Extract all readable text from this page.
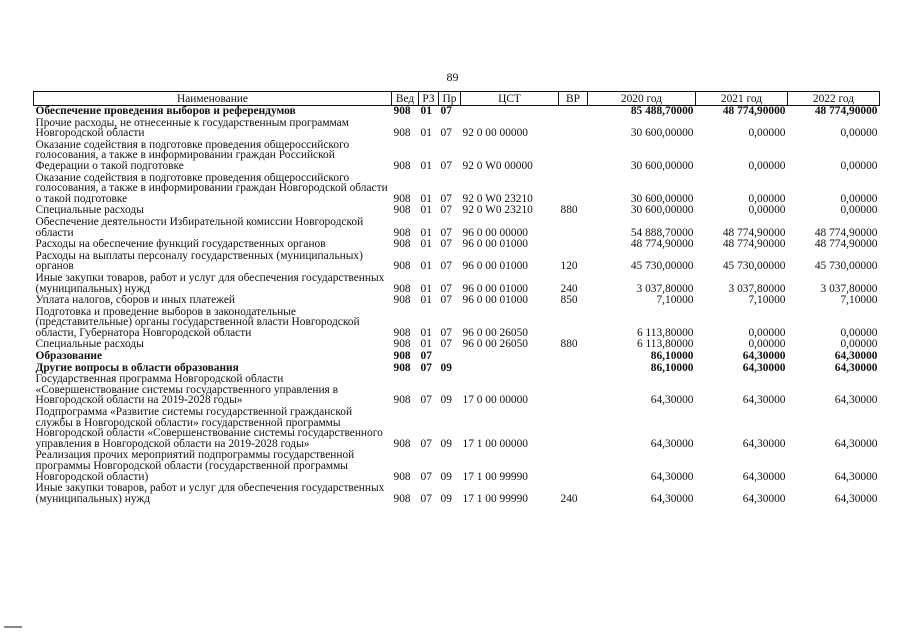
89
Наименование	Вед	РЗ	Пр	ЦСТ	ВР	2020 год	2021 год	2022 год
Обеспечение проведения выборов и референдумов	908	01	07			85 488,70000	48 774,90000	48 774,90000
Прочие расходы, не отнесенные к государственным программам Новгородской области	908	01	07	92 0 00 00000		30 600,00000	0,00000	0,00000
Оказание содействия в подготовке проведения общероссийского голосования, а также в информировании граждан Российской Федерации о такой подготовке	908	01	07	92 0 W0 00000		30 600,00000	0,00000	0,00000
Оказание содействия в подготовке проведения общероссийского голосования, а также в информировании граждан Новгородской области о такой подготовке	908	01	07	92 0 W0 23210		30 600,00000	0,00000	0,00000
Специальные расходы	908	01	07	92 0 W0 23210	880	30 600,00000	0,00000	0,00000
Обеспечение деятельности Избирательной комиссии Новгородской области	908	01	07	96 0 00 00000		54 888,70000	48 774,90000	48 774,90000
Расходы на обеспечение функций государственных органов	908	01	07	96 0 00 01000		48 774,90000	48 774,90000	48 774,90000
Расходы на выплаты персоналу государственных (муниципальных) органов	908	01	07	96 0 00 01000	120	45 730,00000	45 730,00000	45 730,00000
Иные закупки товаров, работ и услуг для обеспечения государственных (муниципальных) нужд	908	01	07	96 0 00 01000	240	3 037,80000	3 037,80000	3 037,80000
Уплата налогов, сборов и иных платежей	908	01	07	96 0 00 01000	850	7,10000	7,10000	7,10000
Подготовка и проведение выборов в законодательные (представительные) органы государственной власти Новгородской области, Губернатора Новгородской области	908	01	07	96 0 00 26050		6 113,80000	0,00000	0,00000
Специальные расходы	908	01	07	96 0 00 26050	880	6 113,80000	0,00000	0,00000
Образование	908	07				86,10000	64,30000	64,30000
Другие вопросы в области образования	908	07	09			86,10000	64,30000	64,30000
Государственная программа Новгородской области «Совершенствование системы государственного управления в Новгородской области на 2019-2028 годы»	908	07	09	17 0 00 00000		64,30000	64,30000	64,30000
Подпрограмма «Развитие системы государственной гражданской службы в Новгородской области» государственной программы Новгородской области «Совершенствование системы государственного управления в Новгородской области на 2019-2028 годы»	908	07	09	17 1 00 00000		64,30000	64,30000	64,30000
Реализация прочих мероприятий подпрограммы государственной программы Новгородской области (государственной программы Новгородской области)	908	07	09	17 1 00 99990		64,30000	64,30000	64,30000
Иные закупки товаров, работ и услуг для обеспечения государственных (муниципальных) нужд	908	07	09	17 1 00 99990	240	64,30000	64,30000	64,30000
